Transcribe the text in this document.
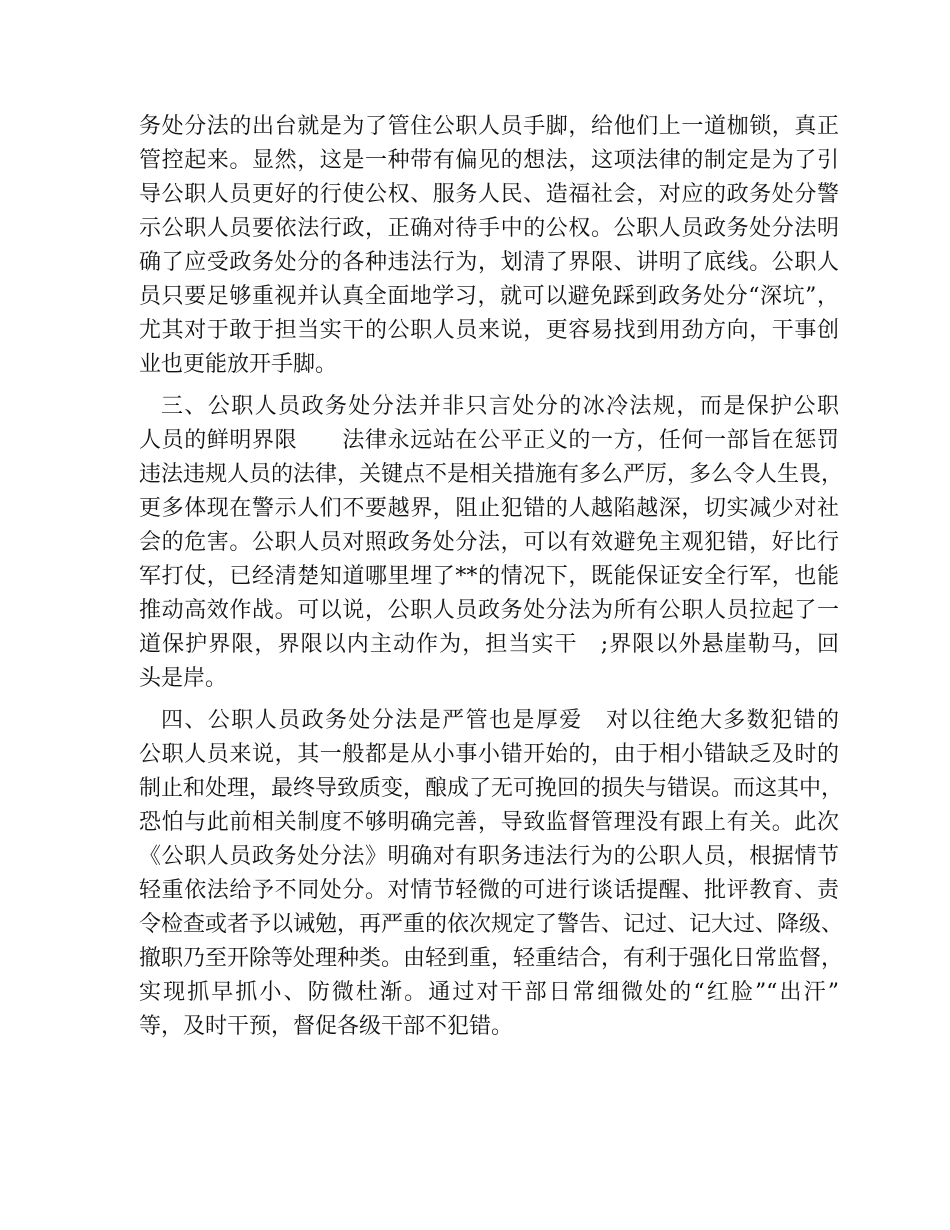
务处分法的出台就是为了管住公职人员手脚，给他们上一道枷锁，真正
管控起来。显然，这是一种带有偏见的想法，这项法律的制定是为了引
导公职人员更好的行使公权、服务人民、造福社会，对应的政务处分警
示公职人员要依法行政，正确对待手中的公权。公职人员政务处分法明
确了应受政务处分的各种违法行为，划清了界限、讲明了底线。公职人
员只要足够重视并认真全面地学习，就可以避免踩到政务处分“深坑”，
尤其对于敢于担当实干的公职人员来说，更容易找到用劲方向，干事创
业也更能放开手脚。
三、公职人员政务处分法并非只言处分的冰冷法规，而是保护公职
人员的鲜明界限　　法律永远站在公平正义的一方，任何一部旨在惩罚
违法违规人员的法律，关键点不是相关措施有多么严厉，多么令人生畏，
更多体现在警示人们不要越界，阻止犯错的人越陷越深，切实减少对社
会的危害。公职人员对照政务处分法，可以有效避免主观犯错，好比行
军打仗，已经清楚知道哪里埋了**的情况下，既能保证安全行军，也能
推动高效作战。可以说，公职人员政务处分法为所有公职人员拉起了一
道保护界限，界限以内主动作为，担当实干　;界限以外悬崖勒马，回
头是岸。
四、公职人员政务处分法是严管也是厚爱　对以往绝大多数犯错的
公职人员来说，其一般都是从小事小错开始的，由于相小错缺乏及时的
制止和处理，最终导致质变，酿成了无可挽回的损失与错误。而这其中，
恐怕与此前相关制度不够明确完善，导致监督管理没有跟上有关。此次
《公职人员政务处分法》明确对有职务违法行为的公职人员，根据情节
轻重依法给予不同处分。对情节轻微的可进行谈话提醒、批评教育、责
令检查或者予以诫勉，再严重的依次规定了警告、记过、记大过、降级、
撤职乃至开除等处理种类。由轻到重，轻重结合，有利于强化日常监督，
实现抓早抓小、防微杜渐。通过对干部日常细微处的“红脸”“出汗”
等，及时干预，督促各级干部不犯错。
